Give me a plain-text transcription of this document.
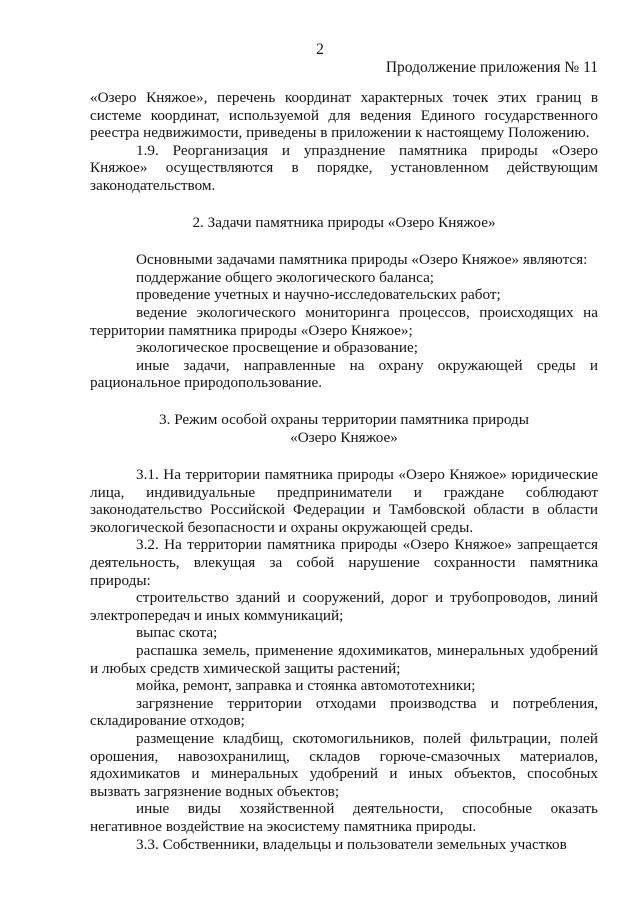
2
Продолжение приложения № 11

«Озеро Княжое», перечень координат характерных точек этих границ в системе координат, используемой для ведения Единого государственного реестра недвижимости, приведены в приложении к настоящему Положению.

1.9. Реорганизация и упразднение памятника природы «Озеро Княжое» осуществляются в порядке, установленном действующим законодательством.

2. Задачи памятника природы «Озеро Княжое»

Основными задачами памятника природы «Озеро Княжое» являются:

поддержание общего экологического баланса;

проведение учетных и научно-исследовательских работ;

ведение экологического мониторинга процессов, происходящих на территории памятника природы «Озеро Княжое»;

экологическое просвещение и образование;

иные задачи, направленные на охрану окружающей среды и рациональное природопользование.

3. Режим особой охраны территории памятника природы

«Озеро Княжое»

3.1. На территории памятника природы «Озеро Княжое» юридические лица, индивидуальные предприниматели и граждане соблюдают законодательство Российской Федерации и Тамбовской области в области экологической безопасности и охраны окружающей среды.

3.2. На территории памятника природы «Озеро Княжое» запрещается деятельность, влекущая за собой нарушение сохранности памятника природы:

строительство зданий и сооружений, дорог и трубопроводов, линий электропередач и иных коммуникаций;

выпас скота;

распашка земель, применение ядохимикатов, минеральных удобрений и любых средств химической защиты растений;

мойка, ремонт, заправка и стоянка автомототехники;

загрязнение территории отходами производства и потребления, складирование отходов;

размещение кладбищ, скотомогильников, полей фильтрации, полей орошения, навозохранилищ, складов горюче-смазочных материалов, ядохимикатов и минеральных удобрений и иных объектов, способных вызвать загрязнение водных объектов;

иные виды хозяйственной деятельности, способные оказать негативное воздействие на экосистему памятника природы.

3.3. Собственники, владельцы и пользователи земельных участков
